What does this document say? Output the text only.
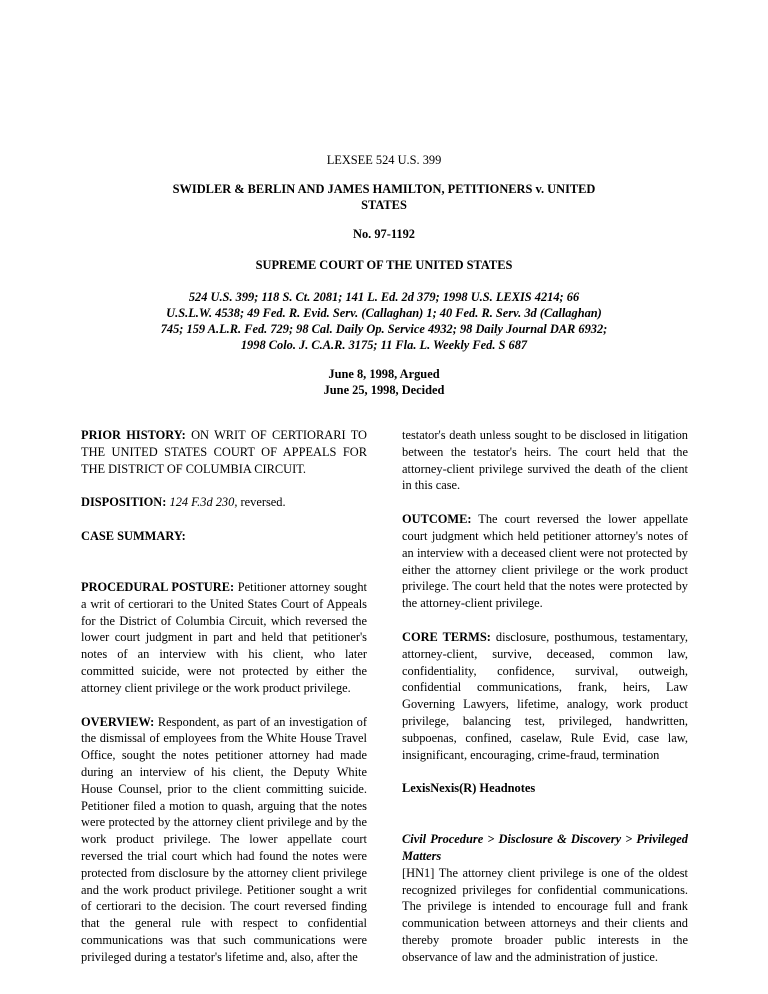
LEXSEE 524 U.S. 399
SWIDLER & BERLIN AND JAMES HAMILTON, PETITIONERS v. UNITED STATES
No. 97-1192
SUPREME COURT OF THE UNITED STATES
524 U.S. 399; 118 S. Ct. 2081; 141 L. Ed. 2d 379; 1998 U.S. LEXIS 4214; 66
U.S.L.W. 4538; 49 Fed. R. Evid. Serv. (Callaghan) 1; 40 Fed. R. Serv. 3d (Callaghan)
745; 159 A.L.R. Fed. 729; 98 Cal. Daily Op. Service 4932; 98 Daily Journal DAR 6932;
1998 Colo. J. C.A.R. 3175; 11 Fla. L. Weekly Fed. S 687
June 8, 1998, Argued
June 25, 1998, Decided

PRIOR HISTORY: ON WRIT OF CERTIORARI TO THE UNITED STATES COURT OF APPEALS FOR THE DISTRICT OF COLUMBIA CIRCUIT.

DISPOSITION: 124 F.3d 230, reversed.

CASE SUMMARY:

PROCEDURAL POSTURE: Petitioner attorney sought a writ of certiorari to the United States Court of Appeals for the District of Columbia Circuit, which reversed the lower court judgment in part and held that petitioner's notes of an interview with his client, who later committed suicide, were not protected by either the attorney client privilege or the work product privilege.

OVERVIEW: Respondent, as part of an investigation of the dismissal of employees from the White House Travel Office, sought the notes petitioner attorney had made during an interview of his client, the Deputy White House Counsel, prior to the client committing suicide. Petitioner filed a motion to quash, arguing that the notes were protected by the attorney client privilege and by the work product privilege. The lower appellate court reversed the trial court which had found the notes were protected from disclosure by the attorney client privilege and the work product privilege. Petitioner sought a writ of certiorari to the decision. The court reversed finding that the general rule with respect to confidential communications was that such communications were privileged during a testator's lifetime and, also, after the

testator's death unless sought to be disclosed in litigation between the testator's heirs. The court held that the attorney-client privilege survived the death of the client in this case.

OUTCOME: The court reversed the lower appellate court judgment which held petitioner attorney's notes of an interview with a deceased client were not protected by either the attorney client privilege or the work product privilege. The court held that the notes were protected by the attorney-client privilege.

CORE TERMS: disclosure, posthumous, testamentary, attorney-client, survive, deceased, common law, confidentiality, confidence, survival, outweigh, confidential communications, frank, heirs, Law Governing Lawyers, lifetime, analogy, work product privilege, balancing test, privileged, handwritten, subpoenas, confined, caselaw, Rule Evid, case law, insignificant, encouraging, crime-fraud, termination

LexisNexis(R) Headnotes

Civil Procedure > Disclosure & Discovery > Privileged Matters
[HN1] The attorney client privilege is one of the oldest recognized privileges for confidential communications. The privilege is intended to encourage full and frank communication between attorneys and their clients and thereby promote broader public interests in the observance of law and the administration of justice.
